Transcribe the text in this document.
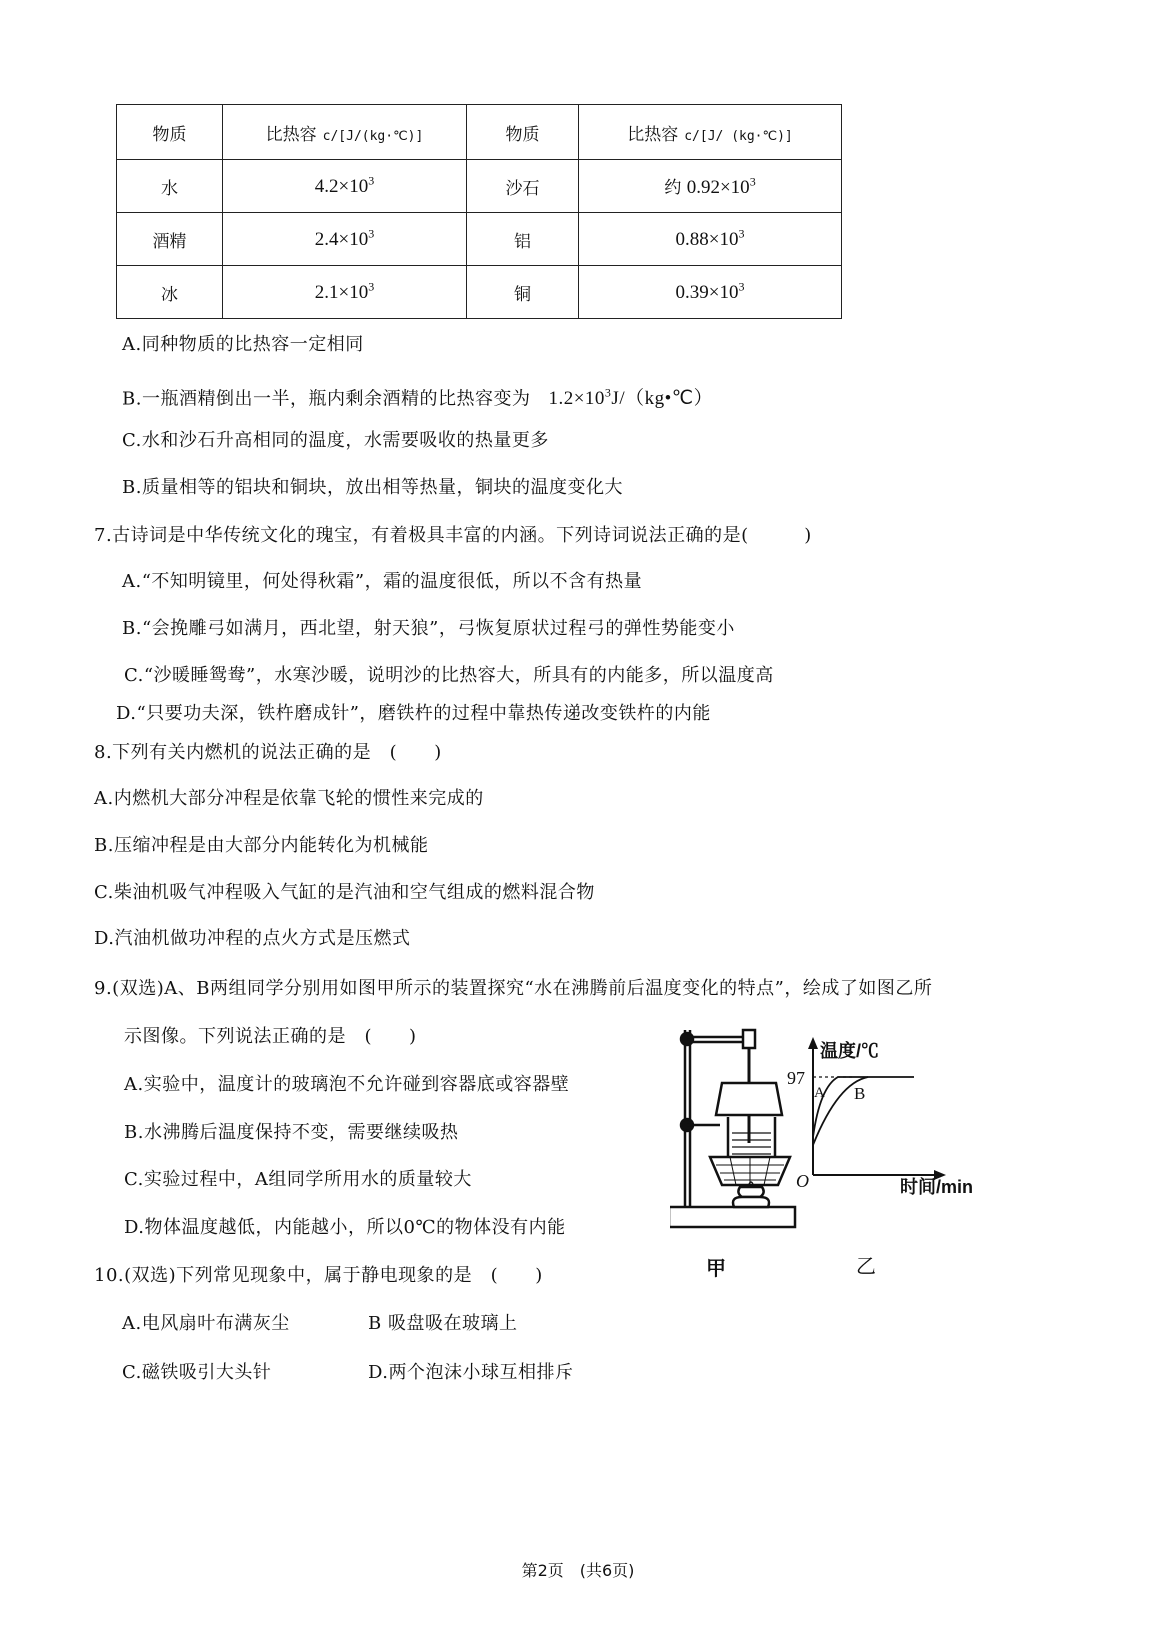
物质	比热容 c/[J/(kg·℃)]	物质	比热容 c/[J/ (kg·℃)]
水	$4.2\times 10^3$	沙石	约 $0.92\times 10^3$
酒精	$2.4\times 10^3$	铝	$0.88\times 10^3$
冰	$2.1\times 10^3$	铜	$0.39\times 10^3$
A.同种物质的比热容一定相同
B.一瓶酒精倒出一半，瓶内剩余酒精的比热容变为 $1.2\times 10^3J/(kg•℃)$
C.水和沙石升高相同的温度，水需要吸收的热量更多
B.质量相等的铝块和铜块，放出相等热量，铜块的温度变化大
7.古诗词是中华传统文化的瑰宝，有着极具丰富的内涵。下列诗词说法正确的是(　　　)
A.“不知明镜里，何处得秋霜”，霜的温度很低，所以不含有热量
B.“会挽雕弓如满月，西北望，射天狼”，弓恢复原状过程弓的弹性势能变小
C.“沙暖睡鸳鸯”，水寒沙暖，说明沙的比热容大，所具有的内能多，所以温度高
D.“只要功夫深，铁杵磨成针”，磨铁杵的过程中靠热传递改变铁杵的内能
8.下列有关内燃机的说法正确的是　(　　)
A.内燃机大部分冲程是依靠飞轮的惯性来完成的
B.压缩冲程是由大部分内能转化为机械能
C.柴油机吸气冲程吸入气缸的是汽油和空气组成的燃料混合物
D.汽油机做功冲程的点火方式是压燃式
9.(双选)A、B两组同学分别用如图甲所示的装置探究“水在沸腾前后温度变化的特点”，绘成了如图乙所
示图像。下列说法正确的是　(　　)
A.实验中，温度计的玻璃泡不允许碰到容器底或容器壁
B.水沸腾后温度保持不变，需要继续吸热
C.实验过程中，A组同学所用水的质量较大
D.物体温度越低，内能越小，所以0℃的物体没有内能
温度/℃
97
A B
O	时间/min
甲	乙
10.(双选)下列常见现象中，属于静电现象的是　(　　)
A.电风扇叶布满灰尘	B 吸盘吸在玻璃上
C.磁铁吸引大头针	D.两个泡沫小球互相排斥
第2页　(共6页)
